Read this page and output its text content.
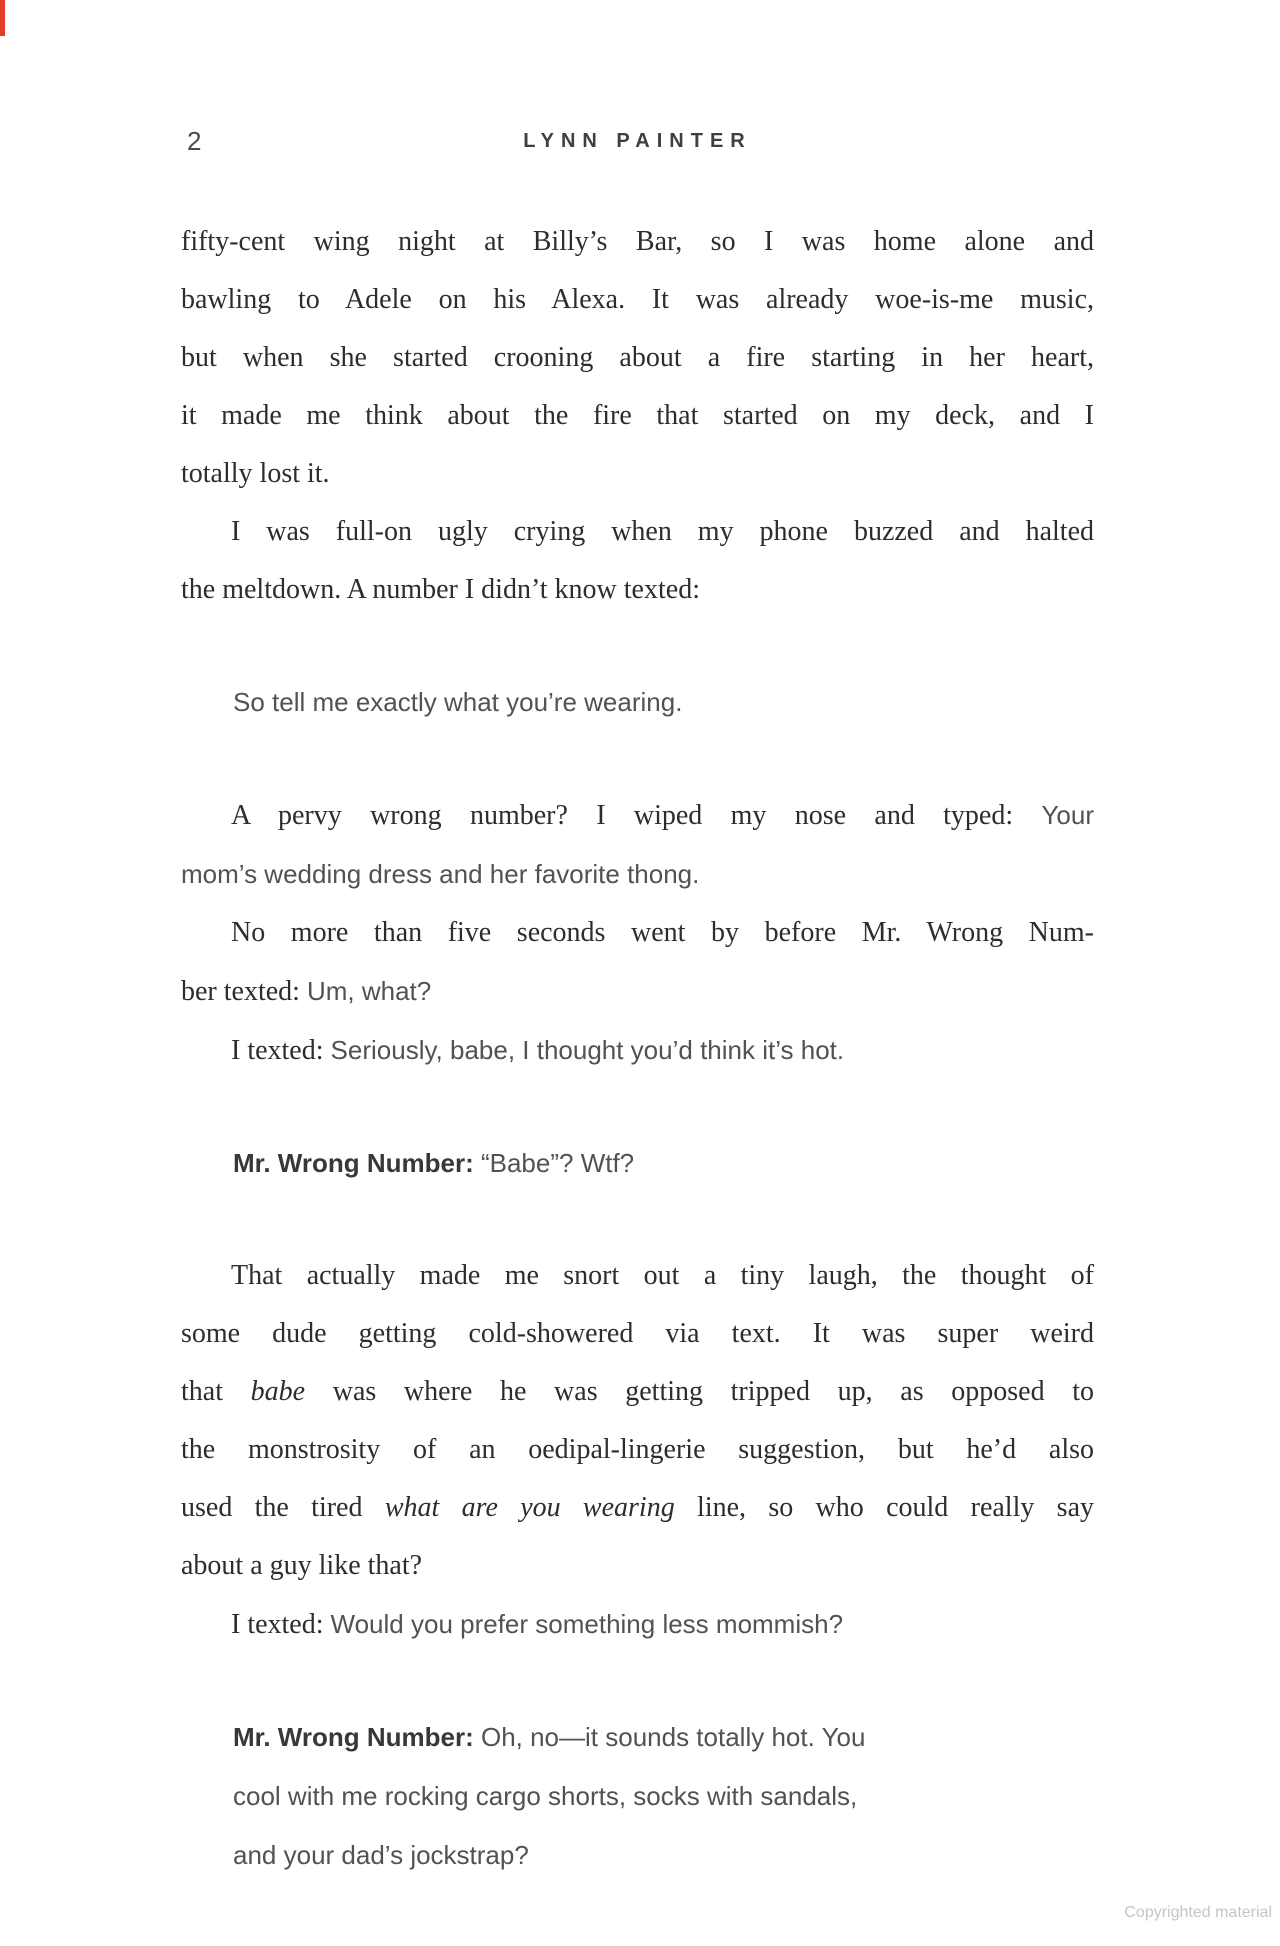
2	LYNN PAINTER
fifty-cent wing night at Billy’s Bar, so I was home alone and
bawling to Adele on his Alexa. It was already woe-is-me music,
but when she started crooning about a fire starting in her heart,
it made me think about the fire that started on my deck, and I
totally lost it.
I was full-on ugly crying when my phone buzzed and halted
the meltdown. A number I didn’t know texted:
So tell me exactly what you’re wearing.
A pervy wrong number? I wiped my nose and typed: Your
mom’s wedding dress and her favorite thong.
No more than five seconds went by before Mr. Wrong Num-
ber texted: Um, what?
I texted: Seriously, babe, I thought you’d think it’s hot.
Mr. Wrong Number: “Babe”? Wtf?
That actually made me snort out a tiny laugh, the thought of
some dude getting cold-showered via text. It was super weird
that babe was where he was getting tripped up, as opposed to
the monstrosity of an oedipal-lingerie suggestion, but he’d also
used the tired what are you wearing line, so who could really say
about a guy like that?
I texted: Would you prefer something less mommish?
Mr. Wrong Number: Oh, no—it sounds totally hot. You
cool with me rocking cargo shorts, socks with sandals,
and your dad’s jockstrap?
Copyrighted material
